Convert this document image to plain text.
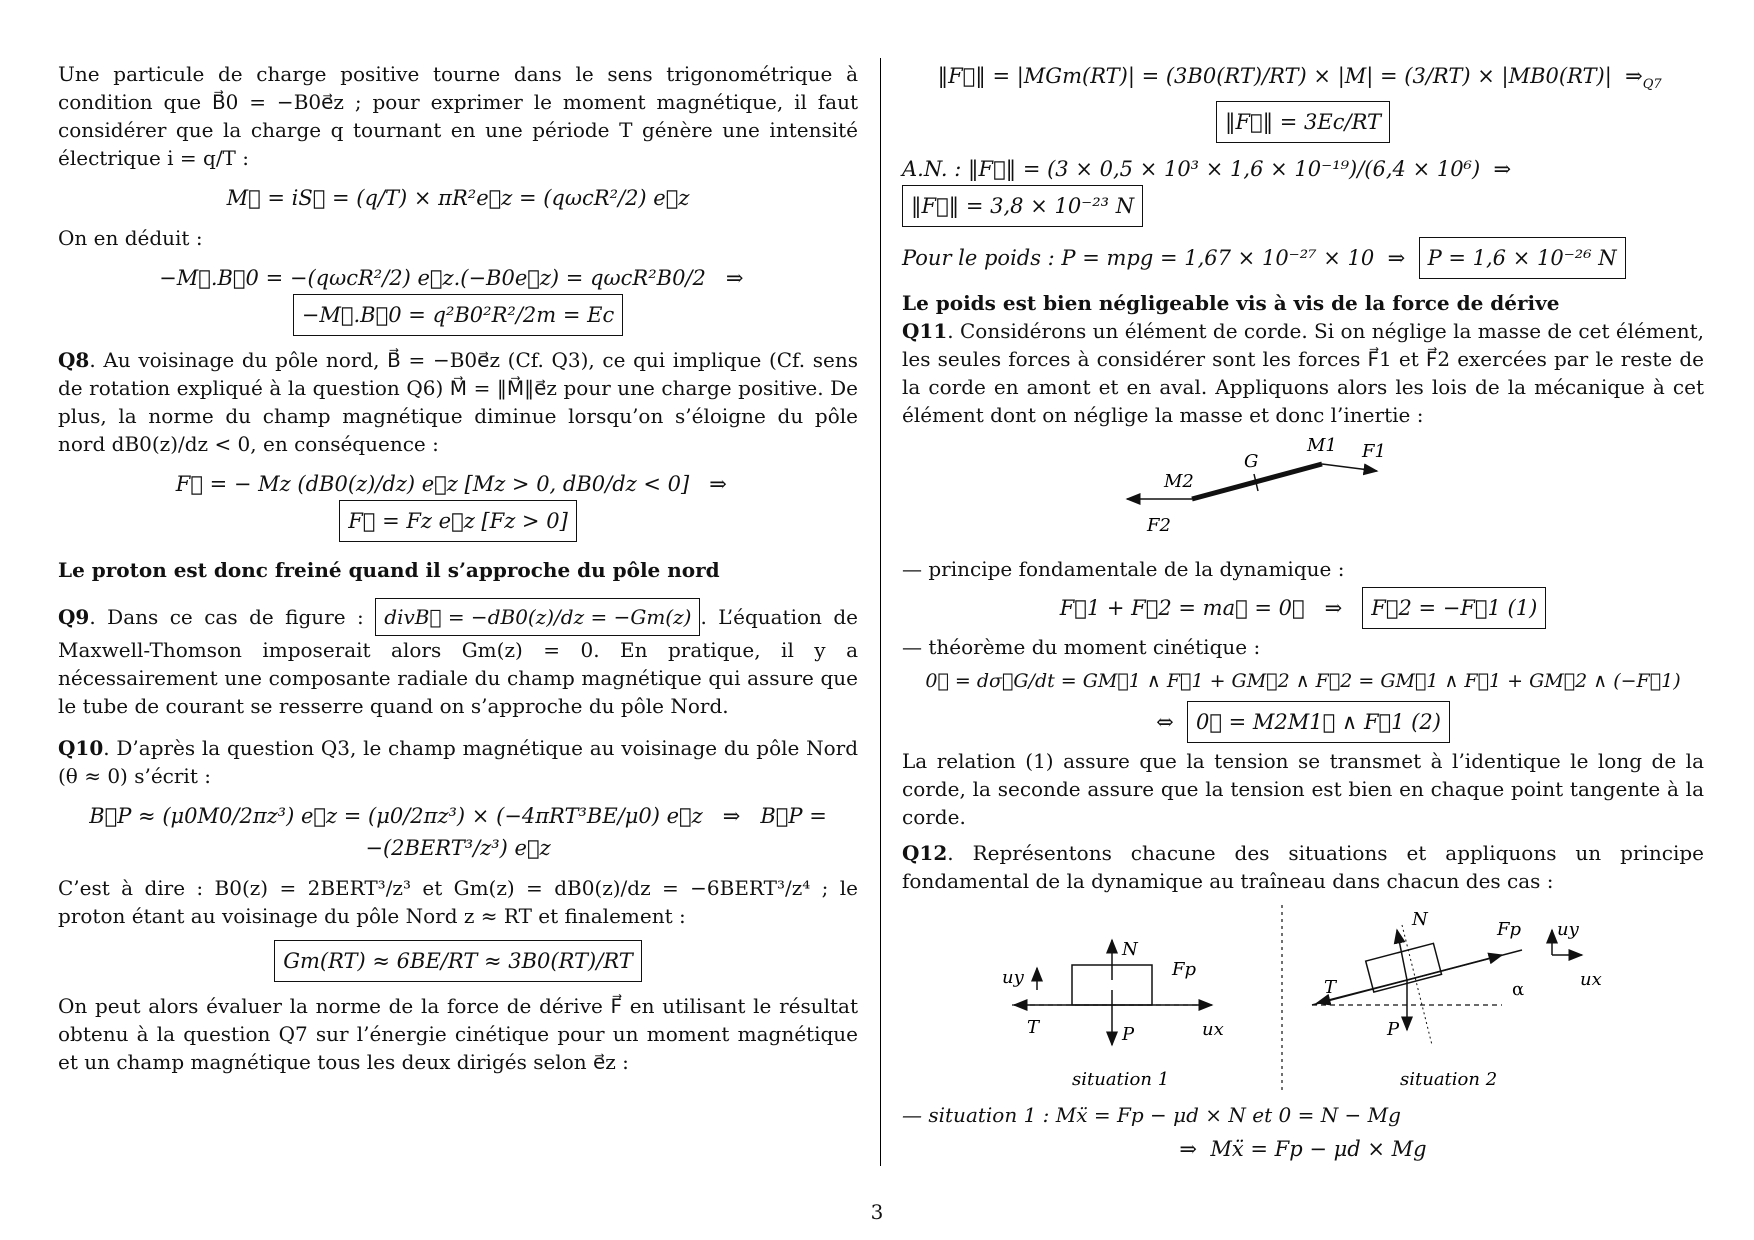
Une particule de charge positive tourne dans le sens trigonométrique à condition que B⃗0 = −B0e⃗z ; pour exprimer le moment magnétique, il faut considérer que la charge q tournant en une période T génère une intensité électrique i = q/T :

M⃗ = iS⃗ = (q/T) × πR²e⃗z = (qωcR²/2) e⃗z

On en déduit :

−M⃗.B⃗0 = −(qωcR²/2) e⃗z.(−B0e⃗z) = qωcR²B0/2   ⇒   −M⃗.B⃗0 = q²B0²R²/2m = Ec

Q8. Au voisinage du pôle nord, B⃗ = −B0e⃗z (Cf. Q3), ce qui implique (Cf. sens de rotation expliqué à la question Q6) M⃗ = ‖M⃗‖e⃗z pour une charge positive. De plus, la norme du champ magnétique diminue lorsqu’on s’éloigne du pôle nord dB0(z)/dz < 0, en conséquence :

F⃗ = − Mz (dB0(z)/dz) e⃗z [Mz > 0, dB0/dz < 0]   ⇒   F⃗ = Fz e⃗z [Fz > 0]

Le proton est donc freiné quand il s’approche du pôle nord

Q9. Dans ce cas de figure : divB⃗ = −dB0(z)/dz = −Gm(z) . L’équation de Maxwell-Thomson imposerait alors Gm(z) = 0. En pratique, il y a nécessairement une composante radiale du champ magnétique qui assure que le tube de courant se resserre quand on s’approche du pôle Nord.

Q10. D’après la question Q3, le champ magnétique au voisinage du pôle Nord (θ ≈ 0) s’écrit :

B⃗P ≈ (μ0M0/2πz³) e⃗z = (μ0/2πz³) × (−4πRT³BE/μ0) e⃗z   ⇒   B⃗P = −(2BERT³/z³) e⃗z

C’est à dire : B0(z) = 2BERT³/z³ et Gm(z) = dB0(z)/dz = −6BERT³/z⁴ ; le proton étant au voisinage du pôle Nord z ≈ RT et finalement :

Gm(RT) ≈ 6BE/RT ≈ 3B0(RT)/RT

On peut alors évaluer la norme de la force de dérive F⃗ en utilisant le résultat obtenu à la question Q7 sur l’énergie cinétique pour un moment magnétique et un champ magnétique tous les deux dirigés selon e⃗z :

‖F⃗‖ = |MGm(RT)| = (3B0(RT)/RT) × |M| = (3/RT) × |MB0(RT)|  $\Rightarrow_{Q7}$  ‖F⃗‖ = 3Ec/RT
A.N. : ‖F⃗‖ = (3 × 0,5 × 10³ × 1,6 × 10⁻¹⁹)/(6,4 × 10⁶)  ⇒  ‖F⃗‖ = 3,8 × 10⁻²³ N
Pour le poids : P = mpg = 1,67 × 10⁻²⁷ × 10  ⇒  P = 1,6 × 10⁻²⁶ N

Le poids est bien négligeable vis à vis de la force de dérive

Q11. Considérons un élément de corde. Si on néglige la masse de cet élément, les seules forces à considérer sont les forces F⃗1 et F⃗2 exercées par le reste de la corde en amont et en aval. Appliquons alors les lois de la mécanique à cet élément dont on néglige la masse et donc l’inertie :

M1
M2
G	F1
F2

— principe fondamentale de la dynamique :

F⃗1 + F⃗2 = ma⃗ = 0⃗   ⇒   F⃗2 = −F⃗1 (1)

— théorème du moment cinétique :

0⃗ = dσ⃗G/dt = GM⃗1 ∧ F⃗1 + GM⃗2 ∧ F⃗2 = GM⃗1 ∧ F⃗1 + GM⃗2 ∧ (−F⃗1)
⇔  0⃗ = M2M1⃗ ∧ F⃗1 (2)

La relation (1) assure que la tension se transmet à l’identique le long de la corde, la seconde assure que la tension est bien en chaque point tangente à la corde.

Q12. Représentons chacune des situations et appliquons un principe fondamental de la dynamique au traîneau dans chacun des cas :

uy
N
Fp
T	P	ux
situation 1
N	Fp
T
P
α
uy
ux
situation 2

— situation 1 : Mẍ = Fp − μd × N et 0 = N − Mg

⇒  Mẍ = Fp − μd × Mg
3
